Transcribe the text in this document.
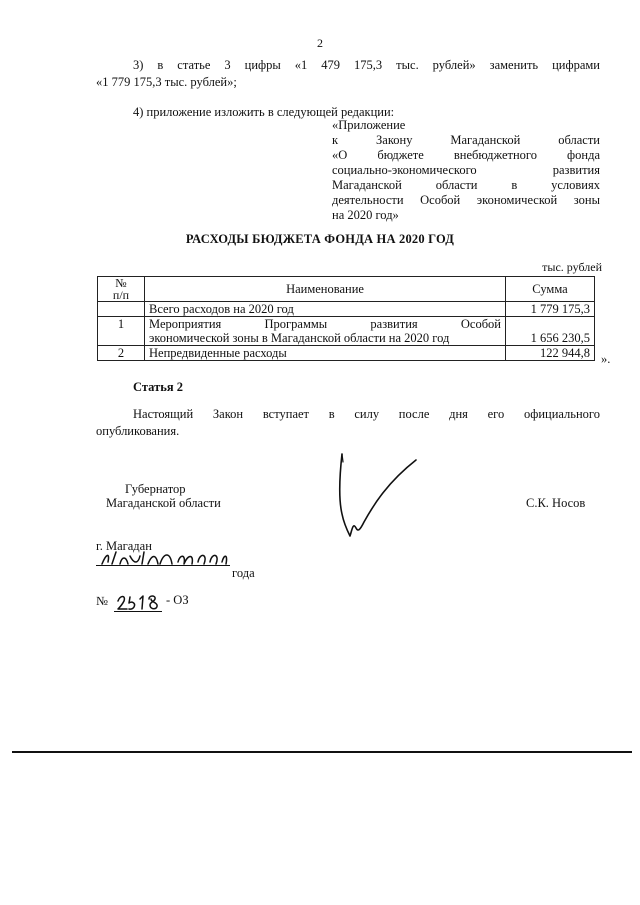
2
3) в статье 3 цифры «1 479 175,3 тыс. рублей» заменить цифрами
«1 779 175,3 тыс. рублей»;
4) приложение изложить в следующей редакции:
«Приложение
к Закону Магаданской области
«О бюджете внебюджетного фонда
социально-экономического развития
Магаданской области в условиях
деятельности Особой экономической зоны
на 2020 год»
РАСХОДЫ БЮДЖЕТА ФОНДА НА 2020 ГОД
тыс. рублей
№
п/п	Наименование	Сумма
	Всего расходов на 2020 год	1 779 175,3
1	Мероприятия Программы развития Особой
экономической зоны в Магаданской области на 2020 год	1 656 230,5
2	Непредвиденные расходы	122 944,8 ».
Статья 2
Настоящий Закон вступает в силу после дня его официального
опубликования.
Губернатор
Магаданской области	С.К. Носов
г. Магадан
года
№	- ОЗ
